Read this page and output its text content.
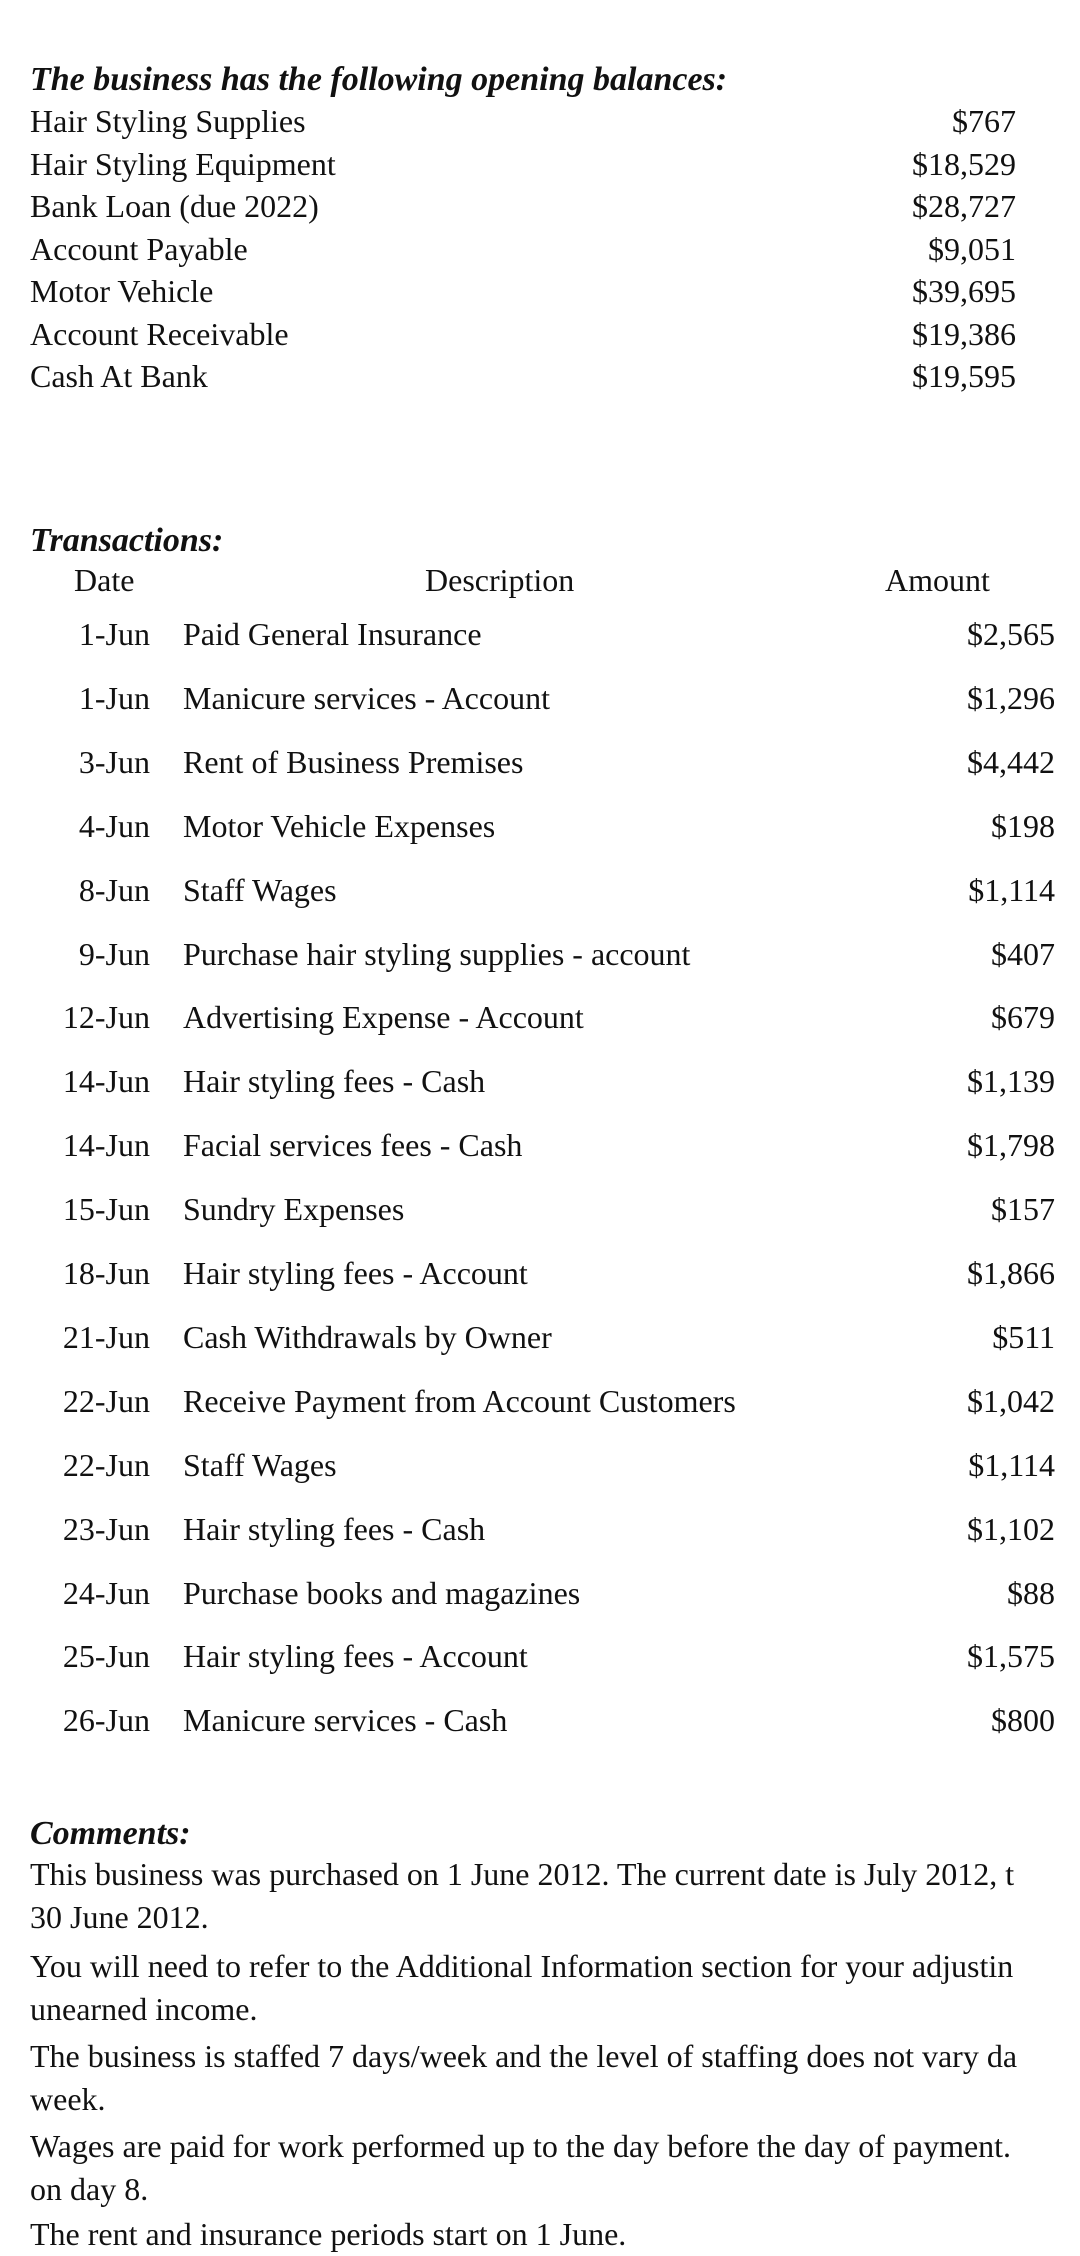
The business has the following opening balances:
Hair Styling Supplies	$767
Hair Styling Equipment	$18,529
Bank Loan (due 2022)	$28,727
Account Payable	$9,051
Motor Vehicle	$39,695
Account Receivable	$19,386
Cash At Bank	$19,595
Transactions:
Date	Description	Amount
1-Jun Paid General Insurance	$2,565
1-Jun Manicure services - Account	$1,296
3-Jun Rent of Business Premises	$4,442
4-Jun Motor Vehicle Expenses	$198
8-Jun Staff Wages	$1,114
9-Jun Purchase hair styling supplies - account	$407
12-Jun Advertising Expense - Account	$679
14-Jun Hair styling fees - Cash	$1,139
14-Jun Facial services fees - Cash	$1,798
15-Jun Sundry Expenses	$157
18-Jun Hair styling fees - Account	$1,866
21-Jun Cash Withdrawals by Owner	$511
22-Jun Receive Payment from Account Customers	$1,042
22-Jun Staff Wages	$1,114
23-Jun Hair styling fees - Cash	$1,102
24-Jun Purchase books and magazines	$88
25-Jun Hair styling fees - Account	$1,575
26-Jun Manicure services - Cash	$800
Comments:
This business was purchased on 1 June 2012. The current date is July 2012, t
30 June 2012.
You will need to refer to the Additional Information section for your adjustin
unearned income.
The business is staffed 7 days/week and the level of staffing does not vary da
week.
Wages are paid for work performed up to the day before the day of payment.
on day 8.
The rent and insurance periods start on 1 June.
